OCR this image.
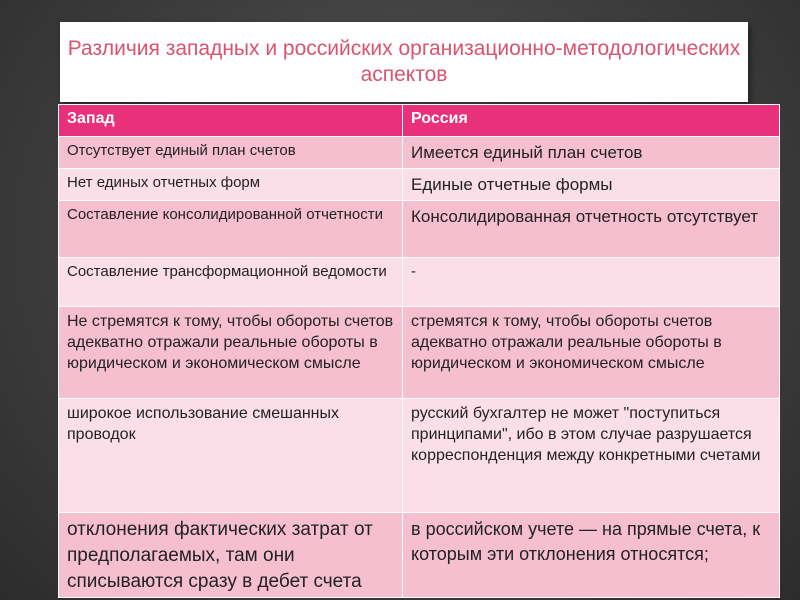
Различия западных и российских организационно-методологических аспектов
Запад	Россия
Отсутствует единый план счетов	Имеется единый план счетов
Нет единых отчетных форм	Единые отчетные формы
Составление консолидированной отчетности	Консолидированная отчетность отсутствует
Составление трансформационной ведомости	-
Не стремятся к тому, чтобы обороты счетов адекватно отражали реальные обороты в юридическом и экономическом смысле	стремятся к тому, чтобы обороты счетов адекватно отражали реальные обороты в юридическом и экономическом смысле
широкое использование смешанных проводок	русский бухгалтер не может "поступиться принципами", ибо в этом случае разрушается корреспонденция между конкретными счетами
отклонения фактических затрат от предполагаемых, там они списываются сразу в дебет счета	в российском учете — на прямые счета, к которым эти отклонения относятся;
